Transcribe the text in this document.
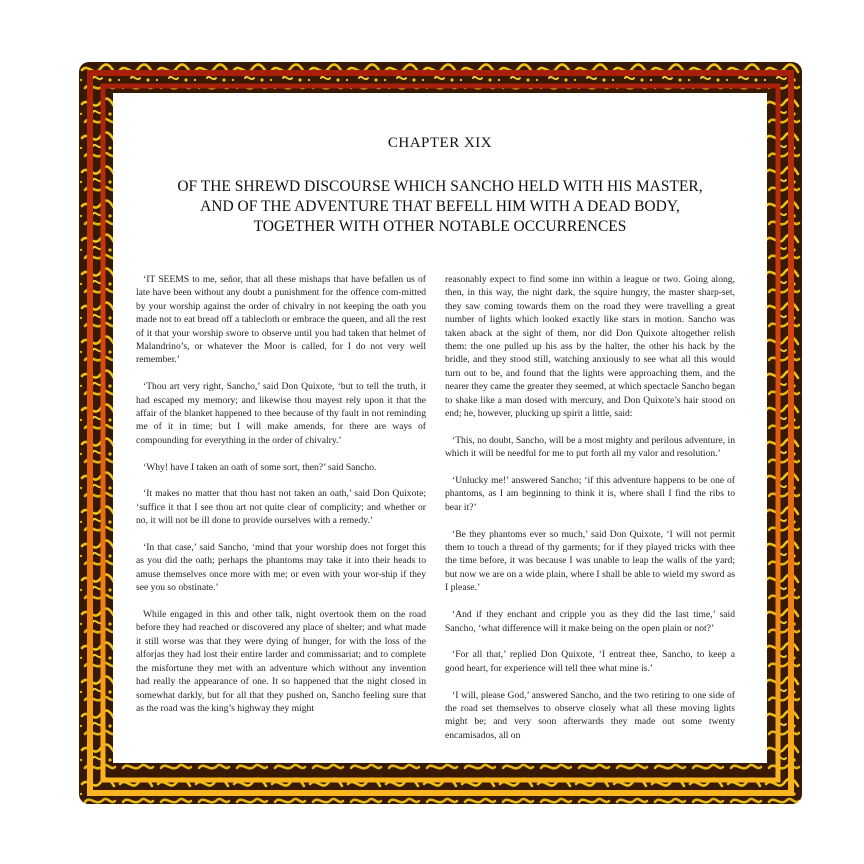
CHAPTER XIX
OF THE SHREWD DISCOURSE WHICH SANCHO HELD WITH HIS MASTER,
AND OF THE ADVENTURE THAT BEFELL HIM WITH A DEAD BODY,
TOGETHER WITH OTHER NOTABLE OCCURRENCES

‘IT SEEMS to me, señor, that all these mishaps that have befallen us of late have been without any doubt a punishment for the offence com-mitted by your worship against the order of chivalry in not keeping the oath you made not to eat bread off a tablecloth or embrace the queen, and all the rest of it that your worship swore to observe until you had taken that helmet of Malandrino’s, or whatever the Moor is called, for I do not very well remember.’

‘Thou art very right, Sancho,’ said Don Quixote, ‘but to tell the truth, it had escaped my memory; and likewise thou mayest rely upon it that the affair of the blanket happened to thee because of thy fault in not reminding me of it in time; but I will make amends, for there are ways of compounding for everything in the order of chivalry.’

‘Why! have I taken an oath of some sort, then?’ said Sancho.

‘It makes no matter that thou hast not taken an oath,’ said Don Quixote; ‘suffice it that I see thou art not quite clear of complicity; and whether or no, it will not be ill done to provide ourselves with a remedy.’

‘In that case,’ said Sancho, ‘mind that your worship does not forget this as you did the oath; perhaps the phantoms may take it into their heads to amuse themselves once more with me; or even with your wor-ship if they see you so obstinate.’

While engaged in this and other talk, night overtook them on the road before they had reached or discovered any place of shelter; and what made it still worse was that they were dying of hunger, for with the loss of the alforjas they had lost their entire larder and commissariat; and to complete the misfortune they met with an adventure which without any invention had really the appearance of one. It so happened that the night closed in somewhat darkly, but for all that they pushed on, Sancho feeling sure that as the road was the king’s highway they might

reasonably expect to find some inn within a league or two. Going along, then, in this way, the night dark, the squire hungry, the master sharp-set, they saw coming towards them on the road they were travelling a great number of lights which looked exactly like stars in motion. Sancho was taken aback at the sight of them, nor did Don Quixote altogether relish them: the one pulled up his ass by the halter, the other his hack by the bridle, and they stood still, watching anxiously to see what all this would turn out to be, and found that the lights were approaching them, and the nearer they came the greater they seemed, at which spectacle Sancho began to shake like a man dosed with mercury, and Don Quixote’s hair stood on end; he, however, plucking up spirit a little, said:

‘This, no doubt, Sancho, will be a most mighty and perilous adventure, in which it will be needful for me to put forth all my valor and resolution.’

‘Unlucky me!’ answered Sancho; ‘if this adventure happens to be one of phantoms, as I am beginning to think it is, where shall I find the ribs to bear it?’

‘Be they phantoms ever so much,’ said Don Quixote, ‘I will not permit them to touch a thread of thy garments; for if they played tricks with thee the time before, it was because I was unable to leap the walls of the yard; but now we are on a wide plain, where I shall be able to wield my sword as I please.’

‘And if they enchant and cripple you as they did the last time,’ said Sancho, ‘what difference will it make being on the open plain or not?’

‘For all that,’ replied Don Quixote, ‘I entreat thee, Sancho, to keep a good heart, for experience will tell thee what mine is.’

‘I will, please God,’ answered Sancho, and the two retiring to one side of the road set themselves to observe closely what all these moving lights might be; and very soon afterwards they made out some twenty encamisados, all on
